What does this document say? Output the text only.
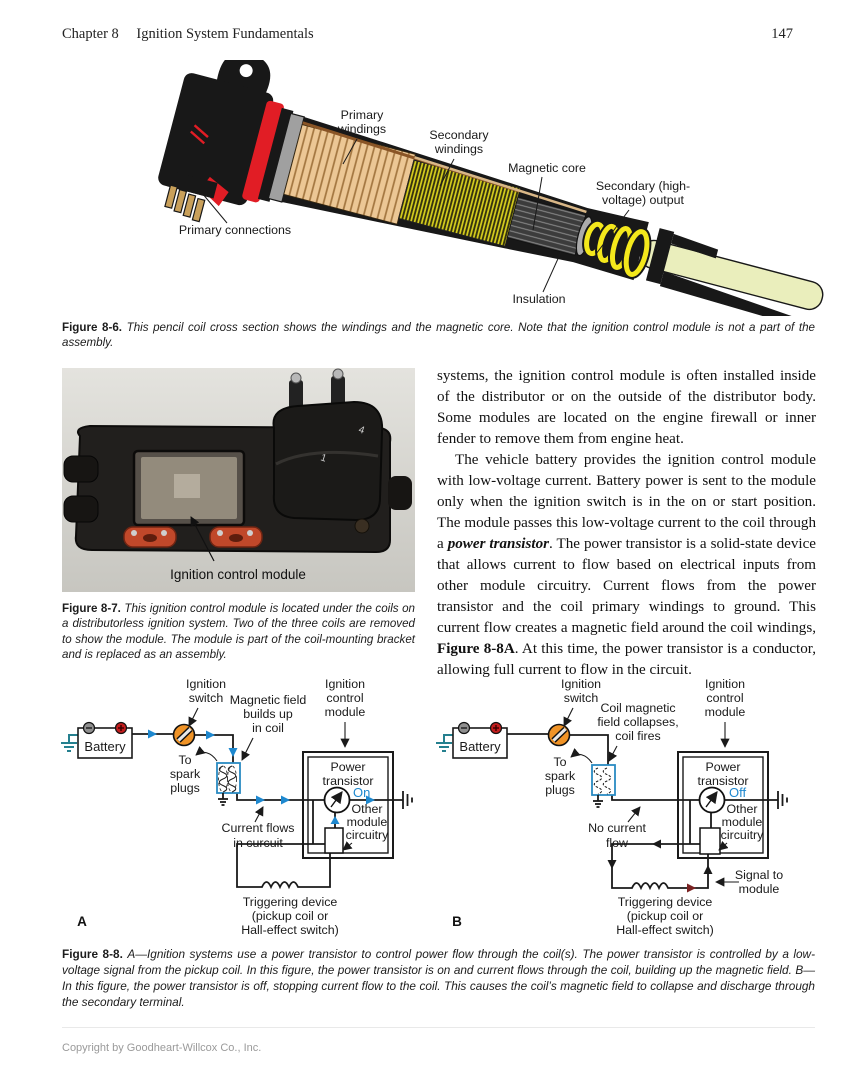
147
Chapter 8 Ignition System Fundamentals
Primary
windings	Secondary
windings
Magnetic core
Secondary (high-
voltage) output
Primary connections
Insulation
Figure 8-6. This pencil coil cross section shows the windings and the magnetic core. Note that the ignition control module is not a part of the assembly.
1
4
Ignition control module
Figure 8-7. This ignition control module is located under the coils on a distributorless ignition system. Two of the three coils are removed to show the module. The module is part of the coil-mounting bracket and is replaced as an assembly.

systems, the ignition control module is often installed inside of the distributor or on the outside of the distributor body. Some modules are located on the engine firewall or inner fender to remove them from engine heat.

The vehicle battery provides the ignition control module with low-voltage current. Battery power is sent to the module only when the ignition switch is in the on or start position. The module passes this low-voltage current to the coil through a power transistor. The power transistor is a solid-state device that allows current to flow based on electrical inputs from other module circuitry. Current flows from the power transistor and the coil primary windings to ground. This current flow creates a magnetic field around the coil windings, Figure 8-8A. At this time, the power transistor is a conductor, allowing full current to flow in the circuit.

Battery
Ignition
switch
Ignition
control
module
To
spark
plugs
Magnetic field
builds up
in coil
Current flows
in curcuit
Power
transistor
On
Other
module
circuitry
Triggering device
(pickup coil or
Hall-effect switch)
A
Battery
Ignition
switch
Ignition
control
module
To
spark
plugs
Coil magnetic
field collapses,
coil fires
No current
flow
Signal to
module
Power
transistor
Off
Other
module
circuitry
Triggering device
(pickup coil or
Hall-effect switch)
B
Figure 8-8. A—Ignition systems use a power transistor to control power flow through the coil(s). The power transistor is controlled by a low-voltage signal from the pickup coil. In this figure, the power transistor is on and current flows through the coil, building up the magnetic field. B—In this figure, the power transistor is off, stopping current flow to the coil. This causes the coil’s magnetic field to collapse and discharge through the secondary terminal.
Copyright by Goodheart-Willcox Co., Inc.
